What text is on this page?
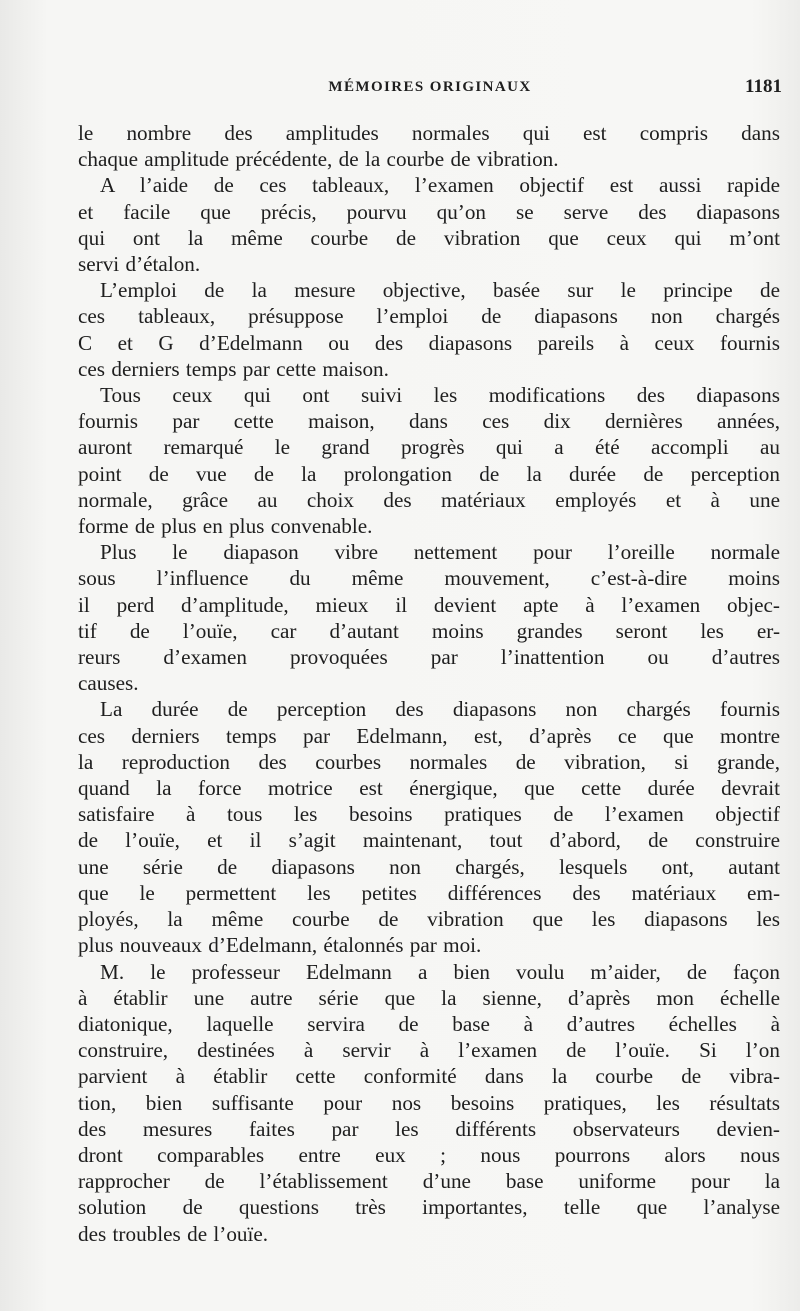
MÉMOIRES ORIGINAUX	1181
le nombre des amplitudes normales qui est compris dans
chaque amplitude précédente, de la courbe de vibration.
A l’aide de ces tableaux, l’examen objectif est aussi rapide
et facile que précis, pourvu qu’on se serve des diapasons
qui ont la même courbe de vibration que ceux qui m’ont
servi d’étalon.
L’emploi de la mesure objective, basée sur le principe de
ces tableaux, présuppose l’emploi de diapasons non chargés
C et G d’Edelmann ou des diapasons pareils à ceux fournis
ces derniers temps par cette maison.
Tous ceux qui ont suivi les modifications des diapasons
fournis par cette maison, dans ces dix dernières années,
auront remarqué le grand progrès qui a été accompli au
point de vue de la prolongation de la durée de perception
normale, grâce au choix des matériaux employés et à une
forme de plus en plus convenable.
Plus le diapason vibre nettement pour l’oreille normale
sous l’influence du même mouvement, c’est-à-dire moins
il perd d’amplitude, mieux il devient apte à l’examen objec-
tif de l’ouïe, car d’autant moins grandes seront les er-
reurs d’examen provoquées par l’inattention ou d’autres
causes.
La durée de perception des diapasons non chargés fournis
ces derniers temps par Edelmann, est, d’après ce que montre
la reproduction des courbes normales de vibration, si grande,
quand la force motrice est énergique, que cette durée devrait
satisfaire à tous les besoins pratiques de l’examen objectif
de l’ouïe, et il s’agit maintenant, tout d’abord, de construire
une série de diapasons non chargés, lesquels ont, autant
que le permettent les petites différences des matériaux em-
ployés, la même courbe de vibration que les diapasons les
plus nouveaux d’Edelmann, étalonnés par moi.
M. le professeur Edelmann a bien voulu m’aider, de façon
à établir une autre série que la sienne, d’après mon échelle
diatonique, laquelle servira de base à d’autres échelles à
construire, destinées à servir à l’examen de l’ouïe. Si l’on
parvient à établir cette conformité dans la courbe de vibra-
tion, bien suffisante pour nos besoins pratiques, les résultats
des mesures faites par les différents observateurs devien-
dront comparables entre eux ; nous pourrons alors nous
rapprocher de l’établissement d’une base uniforme pour la
solution de questions très importantes, telle que l’analyse
des troubles de l’ouïe.
